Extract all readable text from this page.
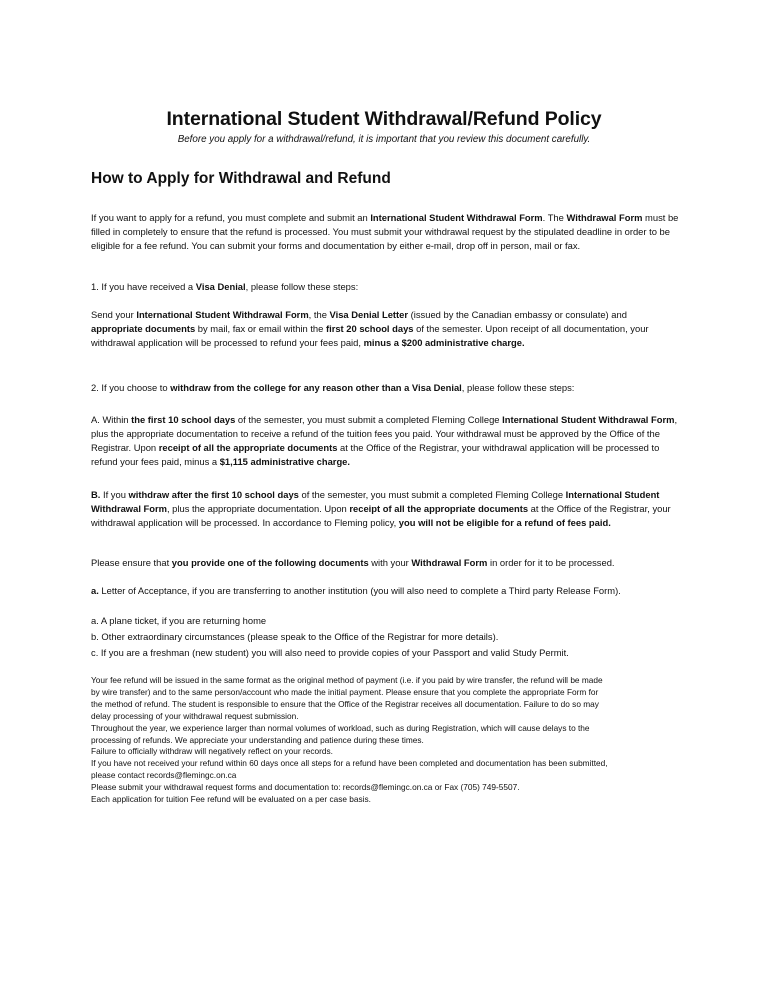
International Student Withdrawal/Refund Policy
Before you apply for a withdrawal/refund, it is important that you review this document carefully.
How to Apply for Withdrawal and Refund
If you want to apply for a refund, you must complete and submit an International Student Withdrawal Form. The Withdrawal Form must be filled in completely to ensure that the refund is processed. You must submit your withdrawal request by the stipulated deadline in order to be eligible for a fee refund. You can submit your forms and documentation by either e-mail, drop off in person, mail or fax.
1. If you have received a Visa Denial, please follow these steps:
Send your International Student Withdrawal Form, the Visa Denial Letter (issued by the Canadian embassy or consulate) and appropriate documents by mail, fax or email within the first 20 school days of the semester. Upon receipt of all documentation, your withdrawal application will be processed to refund your fees paid, minus a $200 administrative charge.
2. If you choose to withdraw from the college for any reason other than a Visa Denial, please follow these steps:
A. Within the first 10 school days of the semester, you must submit a completed Fleming College International Student Withdrawal Form, plus the appropriate documentation to receive a refund of the tuition fees you paid. Your withdrawal must be approved by the Office of the Registrar. Upon receipt of all the appropriate documents at the Office of the Registrar, your withdrawal application will be processed to refund your fees paid, minus a $1,115 administrative charge.
B. If you withdraw after the first 10 school days of the semester, you must submit a completed Fleming College International Student Withdrawal Form, plus the appropriate documentation. Upon receipt of all the appropriate documents at the Office of the Registrar, your withdrawal application will be processed. In accordance to Fleming policy, you will not be eligible for a refund of fees paid.
Please ensure that you provide one of the following documents with your Withdrawal Form in order for it to be processed.
a. Letter of Acceptance, if you are transferring to another institution (you will also need to complete a Third party Release Form).
a. A plane ticket, if you are returning home
b. Other extraordinary circumstances (please speak to the Office of the Registrar for more details).
c. If you are a freshman (new student) you will also need to provide copies of your Passport and valid Study Permit.
Your fee refund will be issued in the same format as the original method of payment (i.e. if you paid by wire transfer, the refund will be made
by wire transfer) and to the same person/account who made the initial payment. Please ensure that you complete the appropriate Form for
the method of refund. The student is responsible to ensure that the Office of the Registrar receives all documentation. Failure to do so may
delay processing of your withdrawal request submission.
Throughout the year, we experience larger than normal volumes of workload, such as during Registration, which will cause delays to the
processing of refunds. We appreciate your understanding and patience during these times.
Failure to officially withdraw will negatively reflect on your records.
If you have not received your refund within 60 days once all steps for a refund have been completed and documentation has been submitted,
please contact records@flemingc.on.ca
Please submit your withdrawal request forms and documentation to: records@flemingc.on.ca or Fax (705) 749-5507.
Each application for tuition Fee refund will be evaluated on a per case basis.
